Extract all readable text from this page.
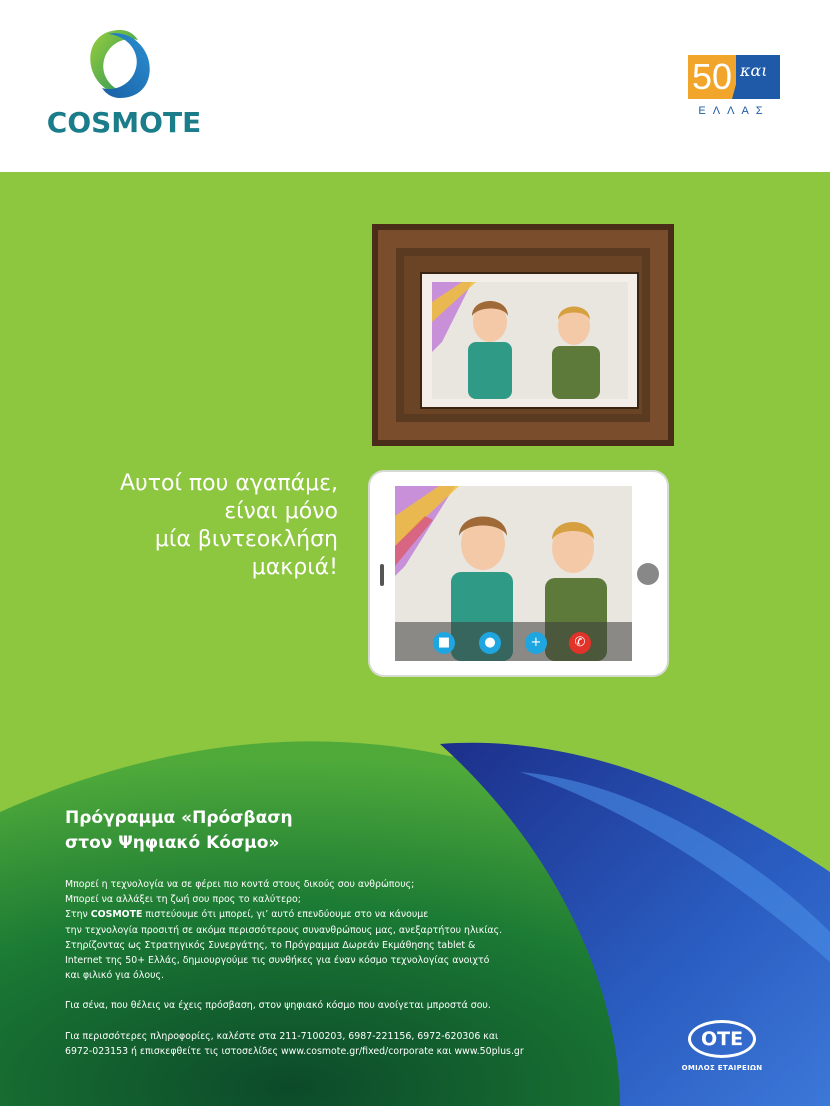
COSMOTE
50 και
ΕΛΛΑΣ
Αυτοί που αγαπάμε,
είναι μόνο
μία βιντεοκλήση
μακριά!
■	●	+	✆
Πρόγραμμα «Πρόσβαση
στον Ψηφιακό Κόσμο»
Μπορεί η τεχνολογία να σε φέρει πιο κοντά στους δικούς σου ανθρώπους;
Μπορεί να αλλάξει τη ζωή σου προς το καλύτερο;
Στην COSMOTE πιστεύουμε ότι μπορεί, γι’ αυτό επενδύουμε στο να κάνουμε
την τεχνολογία προσιτή σε ακόμα περισσότερους συνανθρώπους μας, ανεξαρτήτου ηλικίας.
Στηρίζοντας ως Στρατηγικός Συνεργάτης, το Πρόγραμμα Δωρεάν Εκμάθησης tablet &
Internet της 50+ Ελλάς, δημιουργούμε τις συνθήκες για έναν κόσμο τεχνολογίας ανοιχτό
και φιλικό για όλους.
Για σένα, που θέλεις να έχεις πρόσβαση, στον ψηφιακό κόσμο που ανοίγεται μπροστά σου.
Για περισσότερες πληροφορίες, καλέστε στα 211-7100203, 6987-221156, 6972-620306 και
6972-023153 ή επισκεφθείτε τις ιστοσελίδες www.cosmote.gr/fixed/corporate και www.50plus.gr
ΟΤΕ
ΟΜΙΛΟΣ ΕΤΑΙΡΕΙΩΝ
